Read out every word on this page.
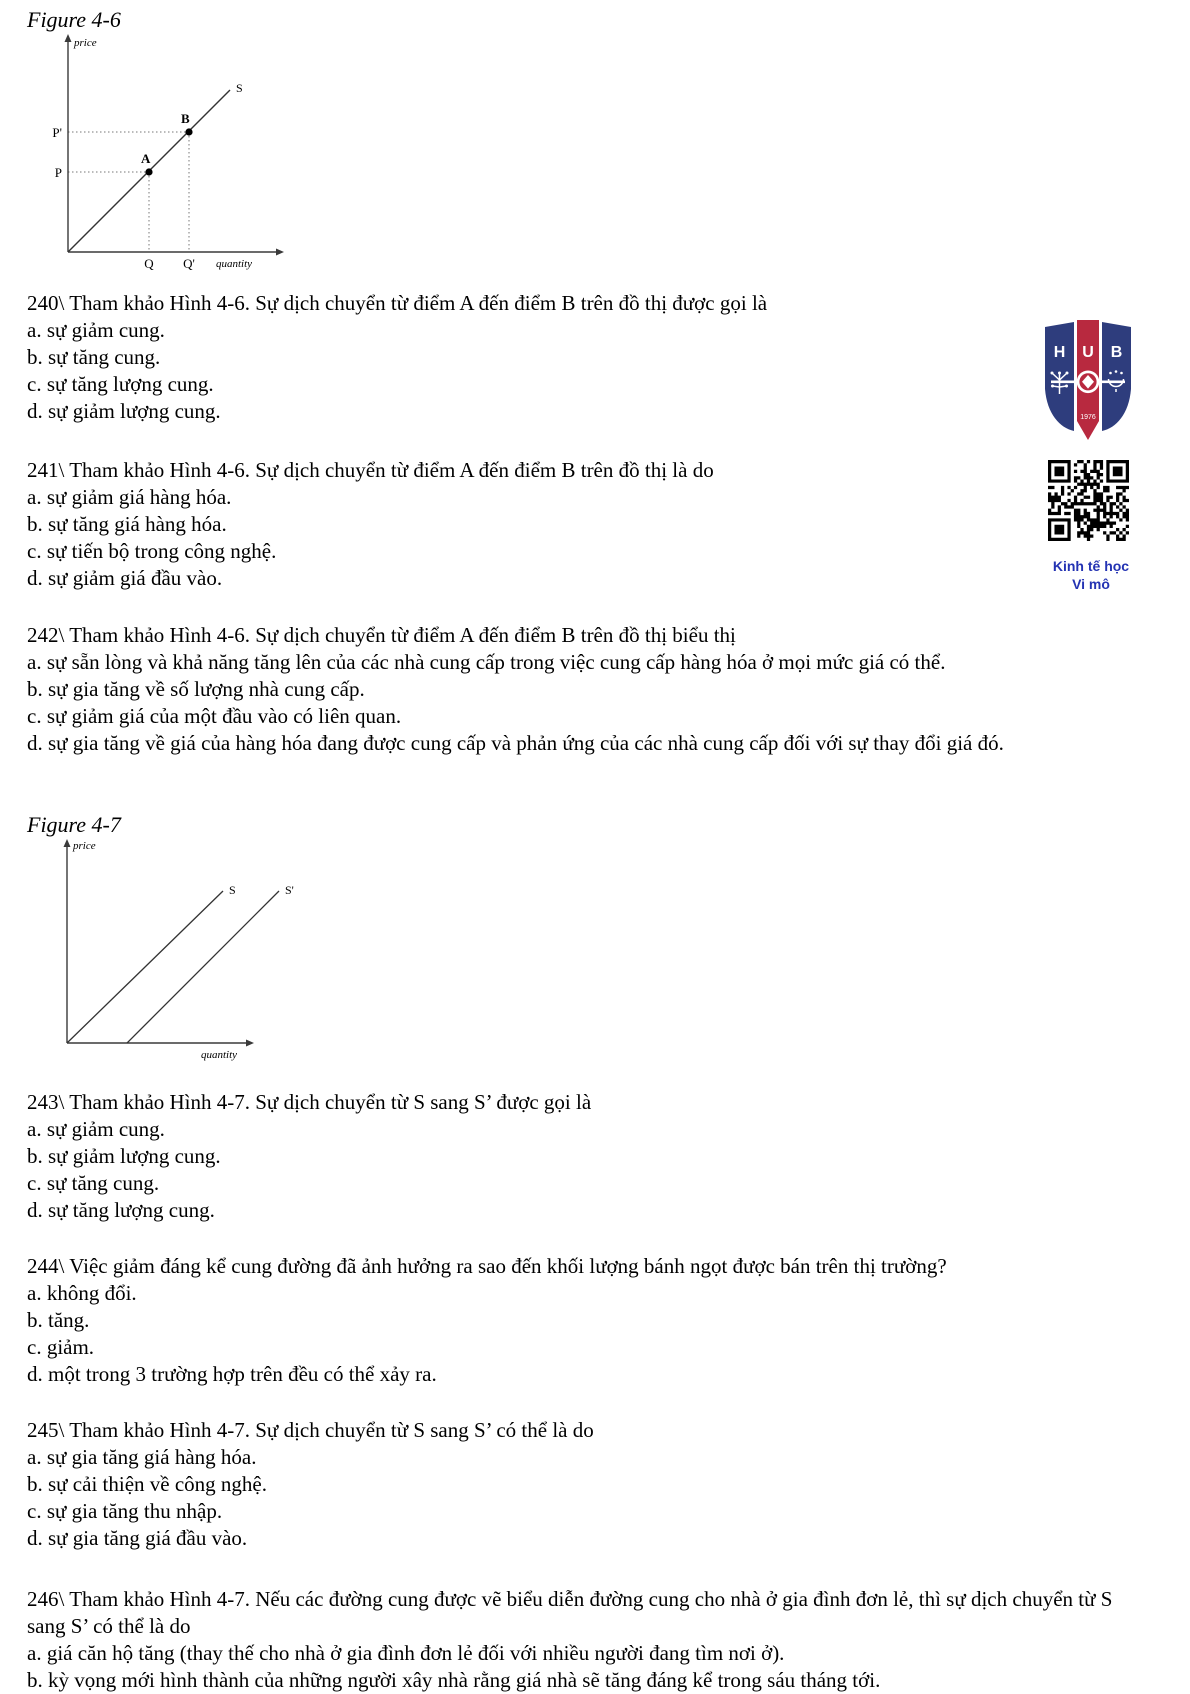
Figure 4-6
price
quantity
S
A
B
P
P'
Q Q'
240\ Tham khảo Hình 4-6. Sự dịch chuyển từ điểm A đến điểm B trên đồ thị được gọi là
a. sự giảm cung.
b. sự tăng cung.
c. sự tăng lượng cung.
d. sự giảm lượng cung.
241\ Tham khảo Hình 4-6. Sự dịch chuyển từ điểm A đến điểm B trên đồ thị là do
a. sự giảm giá hàng hóa.
b. sự tăng giá hàng hóa.
c. sự tiến bộ trong công nghệ.
d. sự giảm giá đầu vào.
242\ Tham khảo Hình 4-6. Sự dịch chuyển từ điểm A đến điểm B trên đồ thị biểu thị
a. sự sẵn lòng và khả năng tăng lên của các nhà cung cấp trong việc cung cấp hàng hóa ở mọi mức giá có thể.
b. sự gia tăng về số lượng nhà cung cấp.
c. sự giảm giá của một đầu vào có liên quan.
d. sự gia tăng về giá của hàng hóa đang được cung cấp và phản ứng của các nhà cung cấp đối với sự thay đổi giá đó.
Figure 4-7
price
quantity
S	S'
243\ Tham khảo Hình 4-7. Sự dịch chuyển từ S sang S’ được gọi là
a. sự giảm cung.
b. sự giảm lượng cung.
c. sự tăng cung.
d. sự tăng lượng cung.
244\ Việc giảm đáng kể cung đường đã ảnh hưởng ra sao đến khối lượng bánh ngọt được bán trên thị trường?
a. không đổi.
b. tăng.
c. giảm.
d. một trong 3 trường hợp trên đều có thể xảy ra.
245\ Tham khảo Hình 4-7. Sự dịch chuyển từ S sang S’ có thể là do
a. sự gia tăng giá hàng hóa.
b. sự cải thiện về công nghệ.
c. sự gia tăng thu nhập.
d. sự gia tăng giá đầu vào.
246\ Tham khảo Hình 4-7. Nếu các đường cung được vẽ biểu diễn đường cung cho nhà ở gia đình đơn lẻ, thì sự dịch chuyển từ S sang S’ có thể là do
a. giá căn hộ tăng (thay thế cho nhà ở gia đình đơn lẻ đối với nhiều người đang tìm nơi ở).
b. kỳ vọng mới hình thành của những người xây nhà rằng giá nhà sẽ tăng đáng kể trong sáu tháng tới.
H U B
1976
Kinh tế học
Vi mô
